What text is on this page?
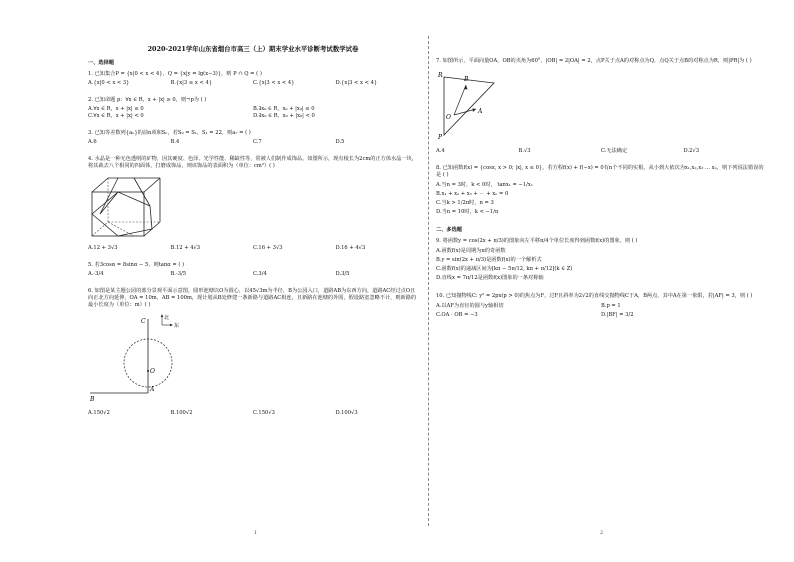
2020-2021学年山东省烟台市高三（上）期末学业水平诊断考试数学试卷
一、选择题
1. 已知集合P = {x|0 < x < 4}，Q = {x|y = lg(x−3)}，则 P ∩ Q = ( )
A.{x|0 < x < 3}	B.{x|3 ≤ x < 4}	C.{x|3 < x < 4}	D.{x|3 < x < 4}
2. 已知命题 p：∀x ∈ R，x + |x| ≥ 0，则¬p为 ( )
A.∀x ∈ R，x + |x| ≤ 0	B.∃x₀ ∈ R，x₀ + |x₀| ≤ 0
C.∀x ∈ R，x + |x| < 0	D.∃x₀ ∈ R，x₀ + |x₀| < 0
3. 已知等差数列{aₙ}的前n项和Sₙ，若S₉ = S₁，S₁ = 22，则a₇ = ( )
A.6	B.4	C.7	D.5
4. 水晶是一种无色透明的矿物，因其硬度、色泽、光学性能、稀缺性等，常被人们制作成饰品。如图所示，现有棱长为2cm的正方体水晶一块，将其裁去八个相同的四面体，打磨成饰品，则该饰品的表面积为（单位：cm²）( )
A.12 + 3√3	B.12 + 4√3	C.16 + 3√3	D.16 + 4√3
5. 若3cosα = 8sinα − 5，则tanα = ( )
A.-3/4	B.-3/5	C.3/4	D.3/5
6. 如图是某主题公园的部分景观平面示意图，圆形池塘以O为圆心，以45√3m为半径，B为公园入口，道路AB为东西方向，道路AC经过点O且向正北方向延伸，OA = 10m，AB = 100m，现计划从B处修建一条新路与道路AC相连，且新路在池塘的外围，假设路宽忽略不计，则新路的最小长度为（单位：m）( )
北
东
C
O
A
B
A.150√2	B.100√2	C.150√3	D.100√3
7. 如图所示，平面向量OA，OB的夹角为60°，|OB| = 2|OA| = 2，点P关于点A的对称点为Q，点Q关于点B的对称点为R，则|PR|为 ( )
R
B
O
A
P
A.4	B.√3	C.无法确定	D.2√3
8. 已知函数f(x) = {cosx, x > 0; |x|, x ≤ 0}，若方程f(x) + f(−x) = 0有n个不同的实根，从小到大依次为x₁,x₂,x₃ … xₙ，则下列说法错误的是 ( )
A.当n = 3时，k < 0时， tanx₁ = −1/x₁
B.x₁ + x₂ + x₃ + ⋯ + xₙ = 0
C.当k > 1/2π时，n = 3
D.当n = 10时，k < −1/π
二、多选题
9. 将函数y = cos(2x + π/3)的图象向左平移π/4个单位长度得到函数f(x)的图象，则 ( )
A.函数f(x)是周期为π的奇函数
B.y = sin(2x + π/3)是函数f(x)的一个解析式
C.函数f(x)的递减区间为[kπ − 5π/12, kπ + π/12](k ∈ Z)
D.直线x = 7π/12是函数f(x)图象的一条对称轴
10. 已知抛物线C: y² = 2px(p > 0)的焦点为F，过F且斜率为2√2的直线交抛物线C于A，B两点，其中A在第一象限，若|AF| = 3，则 ( )
A.以AF为直径的圆与y轴相切	B.p = 1
C.OA · OB = −3	D.|BF| = 3/2
1	2
